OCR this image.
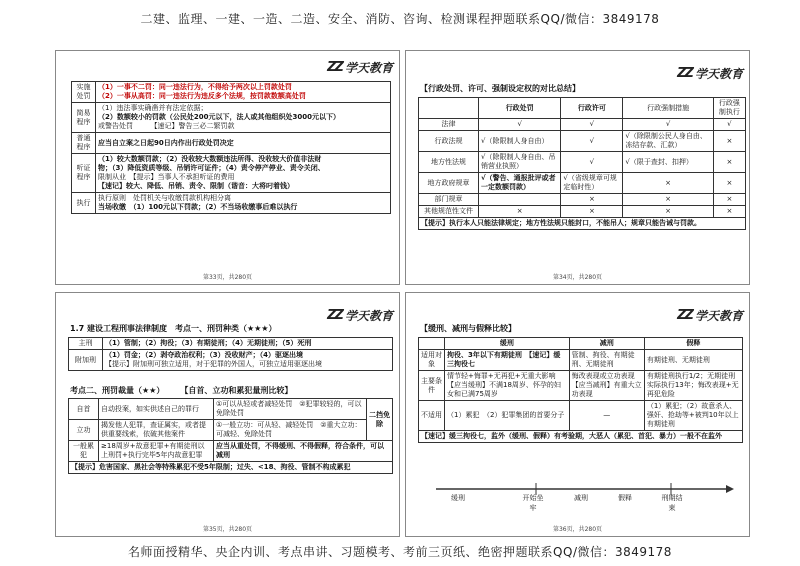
二建、监理、一建、一造、二造、安全、消防、咨询、检测课程押题联系QQ/微信：3849178
ZZ 学天教育
实施处罚	（1）一事不二罚：同一违法行为，不得给予两次以上罚款处罚
（2）一事从高罚：同一违法行为违反多个法规，按罚款数额高处罚

简易程序	（1）违法事实确凿并有法定依据；
（2）数额较小的罚款（公民处200元以下，法人或其他组织处3000元以下）
或警告处罚　　　【速记】警告三必二繁罚款

普通程序	应当自立案之日起90日内作出行政处罚决定

听证程序	（1）较大数额罚款；（2）没收较大数额违法所得、没收较大价值非法财
物；（3）降低资质等级、吊销许可证件；（4）责令停产停业、责令关闭、
限制从业　【提示】当事人不承担听证的费用
【速记】较大、降低、吊销、责令、限制（谐音：大将叼着钱）

执行	执行原则　处罚机关与收缴罚款机构相分离
当场收缴　（1）100元以下罚款；（2）不当场收缴事后难以执行
第33页，共280页
ZZ 学天教育
【行政处罚、许可、强制设定权的对比总结】
	行政处罚	行政许可	行政强制措施	行政强制执行
法律	√	√	√	√
行政法规	√（除限制人身自由）	√	√（除限制公民人身自由、冻结存款、汇款）	×
地方性法规	√（除限制人身自由、吊销营业执照）	√	√（限于查封、扣押）	×
地方政府规章	√（警告、通报批评或者一定数额罚款）	√（省级规章可规定临时性）	×	×
部门规章		×	×	×
其他规范性文件	×	×	×	×
【提示】执行本人只能法律规定；地方性法规只能封口，不能吊人；规章只能告诫与罚款。				
第34页，共280页
ZZ 学天教育
1.7 建设工程刑事法律制度　考点一、刑罚种类（★★★）
主刑	（1）管制；（2）拘役；（3）有期徒刑；（4）无期徒刑；（5）死刑
附加刑	（1）罚金；（2）剥夺政治权利；（3）没收财产；（4）驱逐出境
【提示】附加刑可独立适用，对于犯罪的外国人，可独立适用驱逐出境
考点二、刑罚裁量（★★）　　　【自首、立功和累犯量刑比较】
自首	自动投案，如实供述自己的罪行	①可以从轻或者减轻处罚　②犯罪较轻的，可以免除处罚	二挡免除
立功	揭发他人犯罪，查证属实，或者提供重要线索，依破其他案件	①一般立功：可从轻、减轻处罚　②重大立功：可减轻、免除处罚	
一般累犯	≥18周岁+故意犯罪+有期徒刑以上刑罚+执行完毕5年内故意犯罪	应当从重处罚，不得缓刑、不得假释，符合条件，可以减刑	
【提示】危害国家、黑社会等特殊累犯不受5年限制；过失、<18、拘役、管制不构成累犯			
第35页，共280页
ZZ 学天教育
【缓刑、减刑与假释比较】
	缓刑	减刑	假释
适用对象	拘役、3年以下有期徒刑　【速记】缓三拘役七	管制、拘役、有期徒刑、无期徒刑	有期徒刑、无期徒刑
主要条件	情节轻+悔罪+无再犯+无重大影响　【应当缓刑】不满18周岁、怀孕的妇女和已满75周岁	悔改表现或立功表现　【应当减刑】有重大立功表现	有期徒刑执行1/2；无期徒刑实际执行13年；悔改表现+无再犯危险
不适用	（1）累犯　（2）犯罪集团的首要分子	—	（1）累犯；（2）故意杀人、强奸、抢劫等+被判10年以上有期徒刑
【速记】缓三拘役七，监外（缓刑、假释）有考验期，大恶人（累犯、首犯、暴力）一般不在监外			
缓刑	开始坐牢
减刑	假释	刑期结束
第36页，共280页
名师面授精华、央企内训、考点串讲、习题模考、考前三页纸、绝密押题联系QQ/微信：3849178
